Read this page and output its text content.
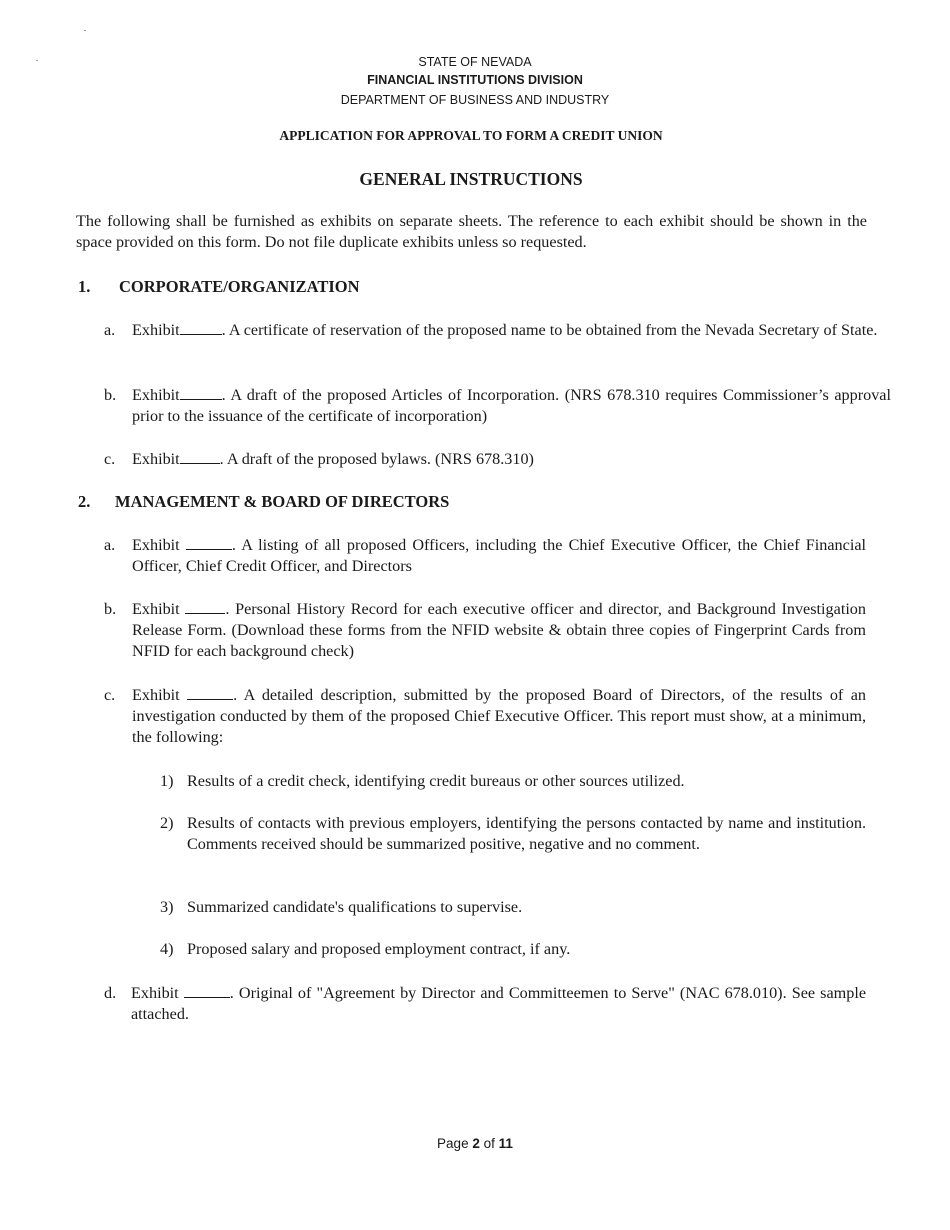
STATE OF NEVADA
FINANCIAL INSTITUTIONS DIVISION
DEPARTMENT OF BUSINESS AND INDUSTRY
APPLICATION FOR APPROVAL TO FORM A CREDIT UNION
GENERAL INSTRUCTIONS
The following shall be furnished as exhibits on separate sheets. The reference to each exhibit should be shown in the space provided on this form. Do not file duplicate exhibits unless so requested.
1. CORPORATE/ORGANIZATION
a. Exhibit	. A certificate of reservation of the proposed name to be obtained from the Nevada Secretary of State.
b. Exhibit	. A draft of the proposed Articles of Incorporation. (NRS 678.310 requires Commissioner’s approval prior to the issuance of the certificate of incorporation)
c. Exhibit . A draft of the proposed bylaws. (NRS 678.310)
2. MANAGEMENT & BOARD OF DIRECTORS
a. Exhibit	. A listing of all proposed Officers, including the Chief Executive Officer, the Chief Financial Officer, Chief Credit Officer, and Directors
b. Exhibit	. Personal History Record for each executive officer and director, and Background Investigation Release Form. (Download these forms from the NFID website & obtain three copies of Fingerprint Cards from NFID for each background check)
c. Exhibit	. A detailed description, submitted by the proposed Board of Directors, of the results of an investigation conducted by them of the proposed Chief Executive Officer. This report must show, at a minimum, the following:
1) Results of a credit check, identifying credit bureaus or other sources utilized.
2) Results of contacts with previous employers, identifying the persons contacted by name and institution. Comments received should be summarized positive, negative and no comment.
3) Summarized candidate's qualifications to supervise.
4) Proposed salary and proposed employment contract, if any.
d. Exhibit	. Original of "Agreement by Director and Committeemen to Serve" (NAC 678.010). See sample attached.
Page 2 of 11
